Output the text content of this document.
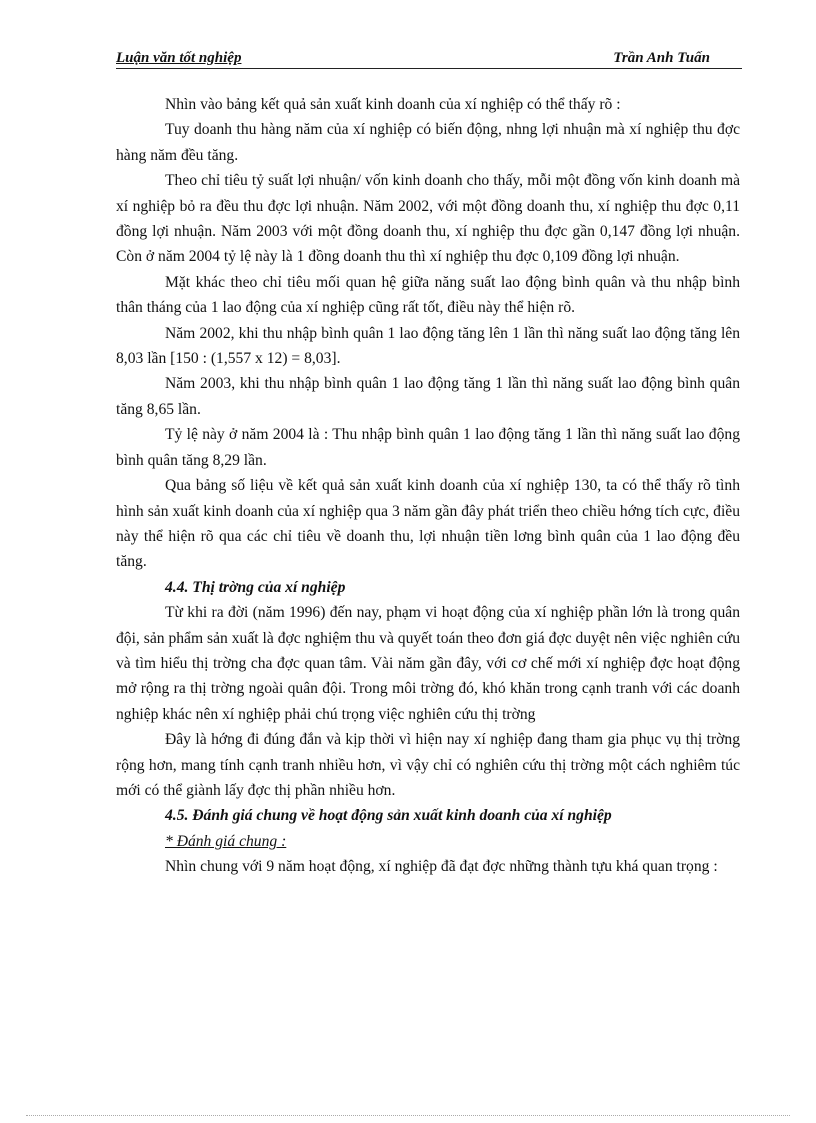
Luận văn tốt nghiệp	Trần Anh Tuấn

Nhìn vào bảng kết quả sản xuất kinh doanh của xí nghiệp có thể thấy rõ :

Tuy doanh thu hàng năm của xí nghiệp có biến động, nhng lợi nhuận mà xí nghiệp thu đợc hàng năm đều tăng.

Theo chỉ tiêu tỷ suất lợi nhuận/ vốn kinh doanh cho thấy, mỗi một đồng vốn kinh doanh mà xí nghiệp bỏ ra đều thu đợc lợi nhuận. Năm 2002, với một đồng doanh thu, xí nghiệp thu đợc 0,11 đồng lợi nhuận. Năm 2003 với một đồng doanh thu, xí nghiệp thu đợc gần 0,147 đồng lợi nhuận. Còn ở năm 2004 tỷ lệ này là 1 đồng doanh thu thì xí nghiệp thu đợc 0,109 đồng lợi nhuận.

Mặt khác theo chỉ tiêu mối quan hệ giữa năng suất lao động bình quân và thu nhập bình thân tháng của 1 lao động của xí nghiệp cũng rất tốt, điều này thể hiện rõ.

Năm 2002, khi thu nhập bình quân 1 lao động tăng lên 1 lần thì năng suất lao động tăng lên 8,03 lần [150 : (1,557 x 12) = 8,03].

Năm 2003, khi thu nhập bình quân 1 lao động tăng 1 lần thì năng suất lao động bình quân tăng 8,65 lần.

Tỷ lệ này ở năm 2004 là : Thu nhập bình quân 1 lao động tăng 1 lần thì năng suất lao động bình quân tăng 8,29 lần.

Qua bảng số liệu về kết quả sản xuất kinh doanh của xí nghiệp 130, ta có thể thấy rõ tình hình sản xuất kinh doanh của xí nghiệp qua 3 năm gần đây phát triển theo chiều hớng tích cực, điều này thể hiện rõ qua các chỉ tiêu về doanh thu, lợi nhuận tiền lơng bình quân của 1 lao động đều tăng.

4.4. Thị trờng của xí nghiệp

Từ khi ra đời (năm 1996) đến nay, phạm vi hoạt động của xí nghiệp phần lớn là trong quân đội, sản phẩm sản xuất là đợc nghiệm thu và quyết toán theo đơn giá đợc duyệt nên việc nghiên cứu và tìm hiểu thị trờng cha đợc quan tâm. Vài năm gần đây, với cơ chế mới xí nghiệp đợc hoạt động mở rộng ra thị trờng ngoài quân đội. Trong môi trờng đó, khó khăn trong cạnh tranh với các doanh nghiệp khác nên xí nghiệp phải chú trọng việc nghiên cứu thị trờng

Đây là hớng đi đúng đắn và kịp thời vì hiện nay xí nghiệp đang tham gia phục vụ thị trờng rộng hơn, mang tính cạnh tranh nhiều hơn, vì vậy chỉ có nghiên cứu thị trờng một cách nghiêm túc mới có thể giành lấy đợc thị phần nhiều hơn.

4.5. Đánh giá chung về hoạt động sản xuất kinh doanh của xí nghiệp

* Đánh giá chung :

Nhìn chung với 9 năm hoạt động, xí nghiệp đã đạt đợc những thành tựu khá quan trọng :
